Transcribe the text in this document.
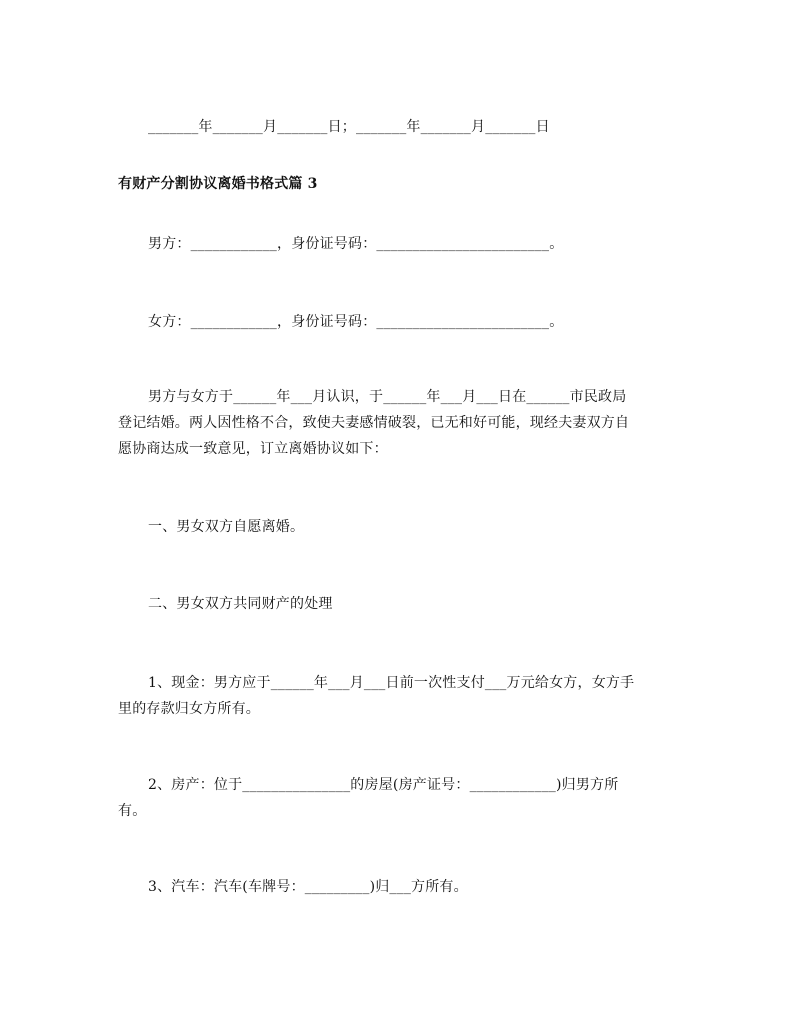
_______年_______月_______日；_______年_______月_______日
有财产分割协议离婚书格式篇 3
男方：____________，身份证号码：________________________。
女方：____________，身份证号码：________________________。
男方与女方于______年___月认识，于______年___月___日在______市民政局
登记结婚。两人因性格不合，致使夫妻感情破裂，已无和好可能，现经夫妻双方自
愿协商达成一致意见，订立离婚协议如下：
一、男女双方自愿离婚。
二、男女双方共同财产的处理
1、现金：男方应于______年___月___日前一次性支付___万元给女方，女方手
里的存款归女方所有。
2、房产：位于_______________的房屋(房产证号：____________)归男方所
有。
3、汽车：汽车(车牌号：_________)归___方所有。
